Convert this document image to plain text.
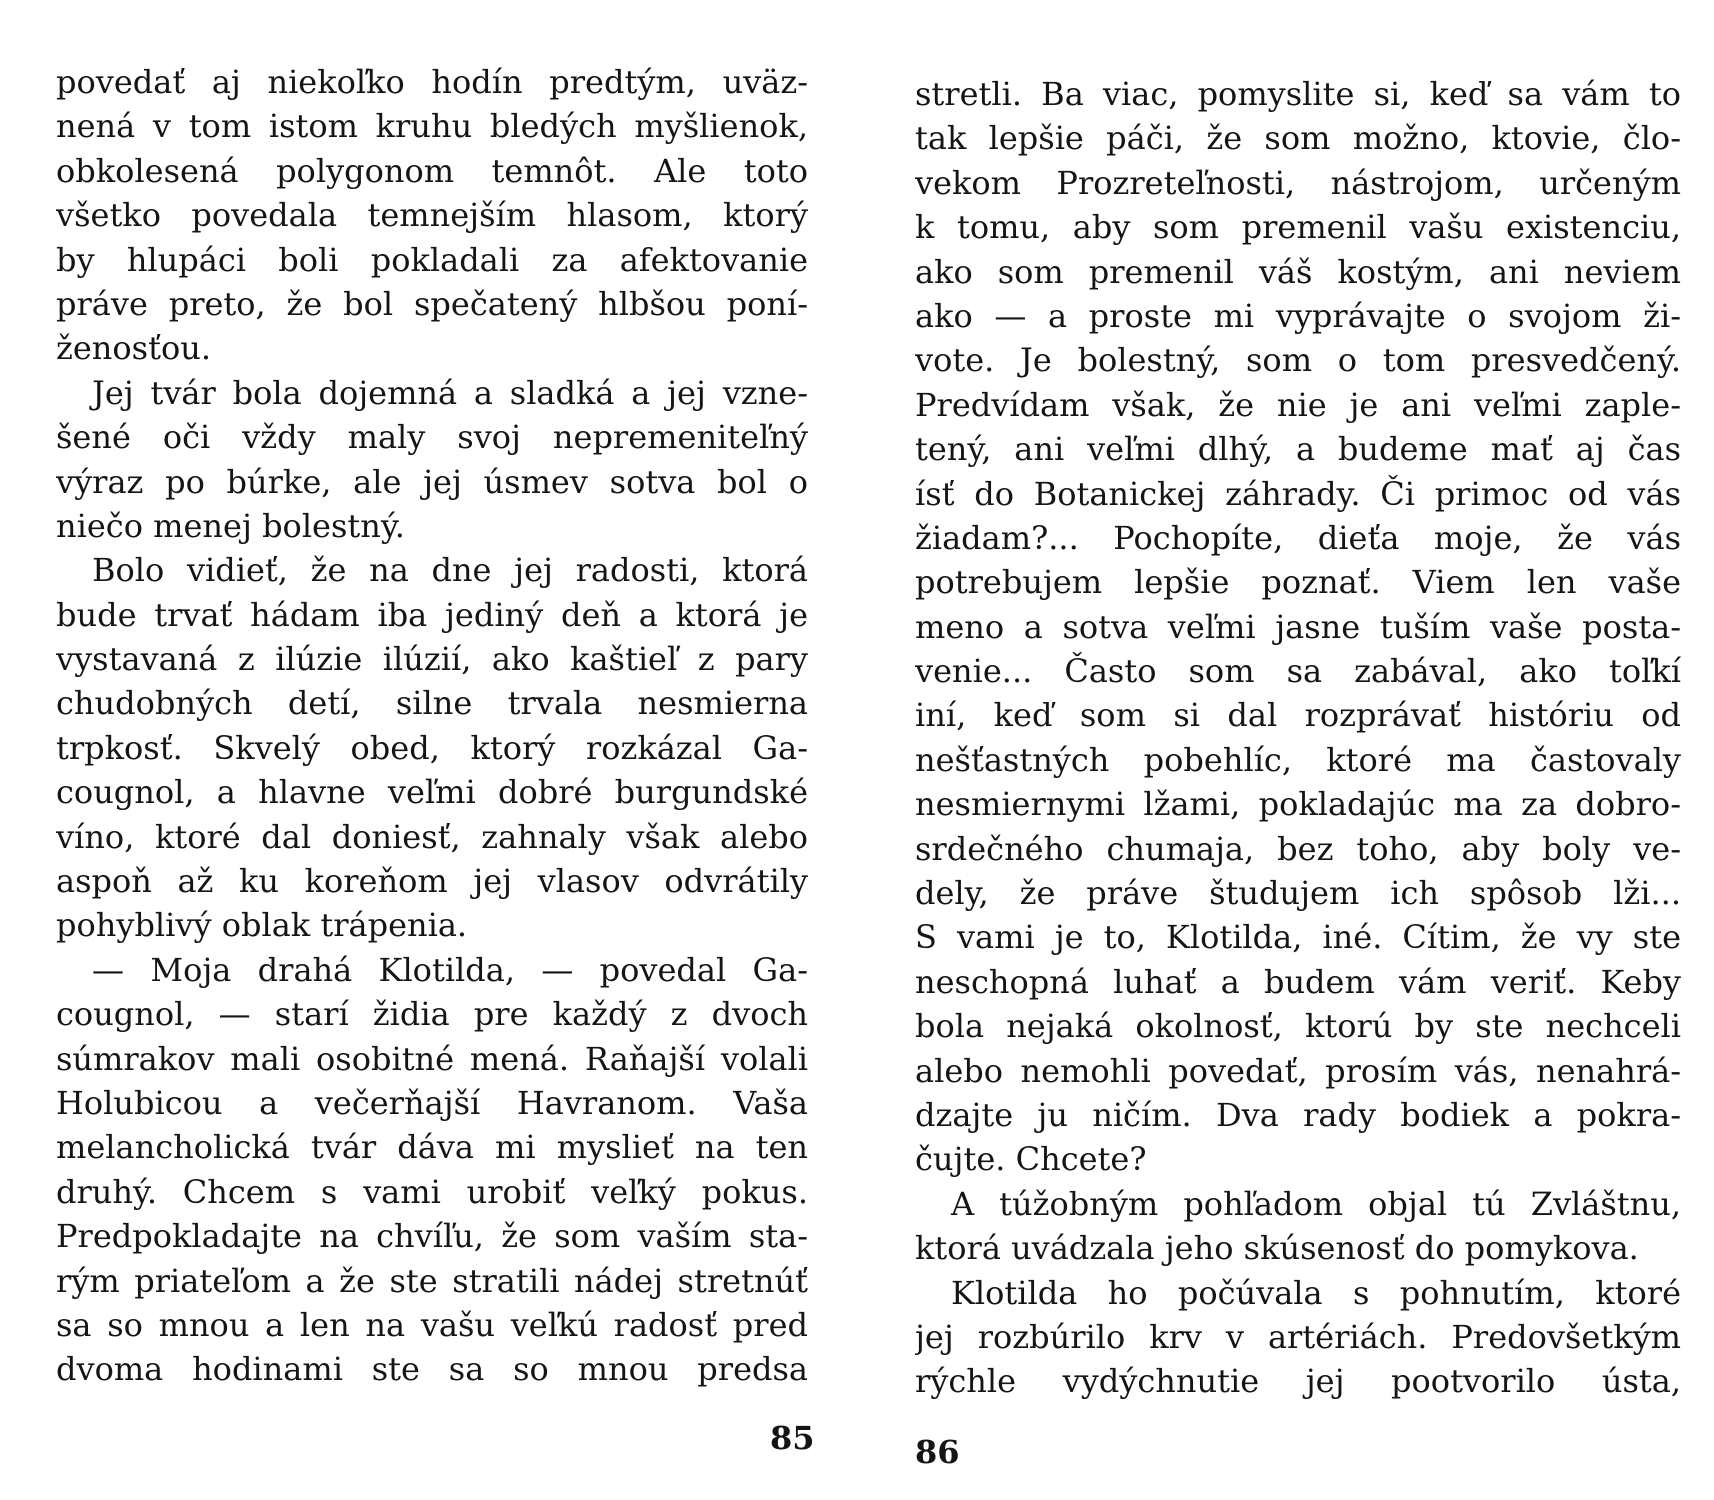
povedať aj niekoľko hodín predtým, uväz-
nená v tom istom kruhu bledých myšlienok,
obkolesená polygonom temnôt. Ale toto
všetko povedala temnejším hlasom, ktorý
by hlupáci boli pokladali za afektovanie
práve preto, že bol spečatený hlbšou poní-
ženosťou.
Jej tvár bola dojemná a sladká a jej vzne-
šené oči vždy maly svoj nepremeniteľný
výraz po búrke, ale jej úsmev sotva bol o
niečo menej bolestný.
Bolo vidieť, že na dne jej radosti, ktorá
bude trvať hádam iba jediný deň a ktorá je
vystavaná z ilúzie ilúzií, ako kaštieľ z pary
chudobných detí, silne trvala nesmierna
trpkosť. Skvelý obed, ktorý rozkázal Ga-
cougnol, a hlavne veľmi dobré burgundské
víno, ktoré dal doniesť, zahnaly však alebo
aspoň až ku koreňom jej vlasov odvrátily
pohyblivý oblak trápenia.
— Moja drahá Klotilda, — povedal Ga-
cougnol, — starí židia pre každý z dvoch
súmrakov mali osobitné mená. Raňajší volali
Holubicou a večerňajší Havranom. Vaša
melancholická tvár dáva mi myslieť na ten
druhý. Chcem s vami urobiť veľký pokus.
Predpokladajte na chvíľu, že som vaším sta-
rým priateľom a že ste stratili nádej stretnúť
sa so mnou a len na vašu veľkú radosť pred
dvoma hodinami ste sa so mnou predsa
85
stretli. Ba viac, pomyslite si, keď sa vám to
tak lepšie páči, že som možno, ktovie, člo-
vekom Prozreteľnosti, nástrojom, určeným
k tomu, aby som premenil vašu existenciu,
ako som premenil váš kostým, ani neviem
ako — a proste mi vyprávajte o svojom ži-
vote. Je bolestný, som o tom presvedčený.
Predvídam však, že nie je ani veľmi zaple-
tený, ani veľmi dlhý, a budeme mať aj čas
ísť do Botanickej záhrady. Či primoc od vás
žiadam?... Pochopíte, dieťa moje, že vás
potrebujem lepšie poznať. Viem len vaše
meno a sotva veľmi jasne tuším vaše posta-
venie... Často som sa zabával, ako toľkí
iní, keď som si dal rozprávať históriu od
nešťastných pobehlíc, ktoré ma častovaly
nesmiernymi lžami, pokladajúc ma za dobro-
srdečného chumaja, bez toho, aby boly ve-
dely, že práve študujem ich spôsob lži...
S vami je to, Klotilda, iné. Cítim, že vy ste
neschopná luhať a budem vám veriť. Keby
bola nejaká okolnosť, ktorú by ste nechceli
alebo nemohli povedať, prosím vás, nenahrá-
dzajte ju ničím. Dva rady bodiek a pokra-
čujte. Chcete?
A túžobným pohľadom objal tú Zvláštnu,
ktorá uvádzala jeho skúsenosť do pomykova.
Klotilda ho počúvala s pohnutím, ktoré
jej rozbúrilo krv v artériách. Predovšetkým
rýchle vydýchnutie jej pootvorilo ústa,
86
